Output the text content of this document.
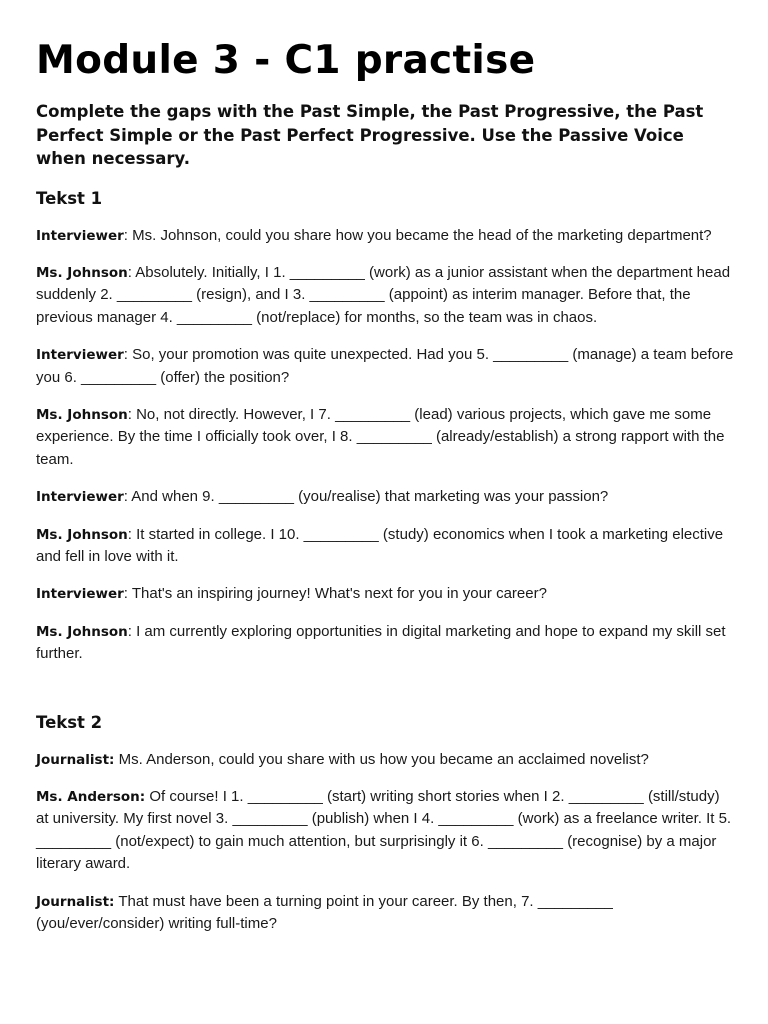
Module 3 - C1 practise

Complete the gaps with the Past Simple, the Past Progressive, the Past Perfect Simple or the Past Perfect Progressive. Use the Passive Voice when necessary.

Tekst 1

Interviewer: Ms. Johnson, could you share how you became the head of the marketing department?

Ms. Johnson: Absolutely. Initially, I 1. _________ (work) as a junior assistant when the department head suddenly 2. _________ (resign), and I 3. _________ (appoint) as interim manager. Before that, the previous manager 4. _________ (not/replace) for months, so the team was in chaos.

Interviewer: So, your promotion was quite unexpected. Had you 5. _________ (manage) a team before you 6. _________ (offer) the position?

Ms. Johnson: No, not directly. However, I 7. _________ (lead) various projects, which gave me some experience. By the time I officially took over, I 8. _________ (already/establish) a strong rapport with the team.

Interviewer: And when 9. _________ (you/realise) that marketing was your passion?

Ms. Johnson: It started in college. I 10. _________ (study) economics when I took a marketing elective and fell in love with it.

Interviewer: That's an inspiring journey! What's next for you in your career?

Ms. Johnson: I am currently exploring opportunities in digital marketing and hope to expand my skill set further.

Tekst 2

Journalist: Ms. Anderson, could you share with us how you became an acclaimed novelist?

Ms. Anderson: Of course! I 1. _________ (start) writing short stories when I 2. _________ (still/study) at university. My first novel 3. _________ (publish) when I 4. _________ (work) as a freelance writer. It 5. _________ (not/expect) to gain much attention, but surprisingly it 6. _________ (recognise) by a major literary award.

Journalist: That must have been a turning point in your career. By then, 7. _________ (you/ever/consider) writing full-time?
